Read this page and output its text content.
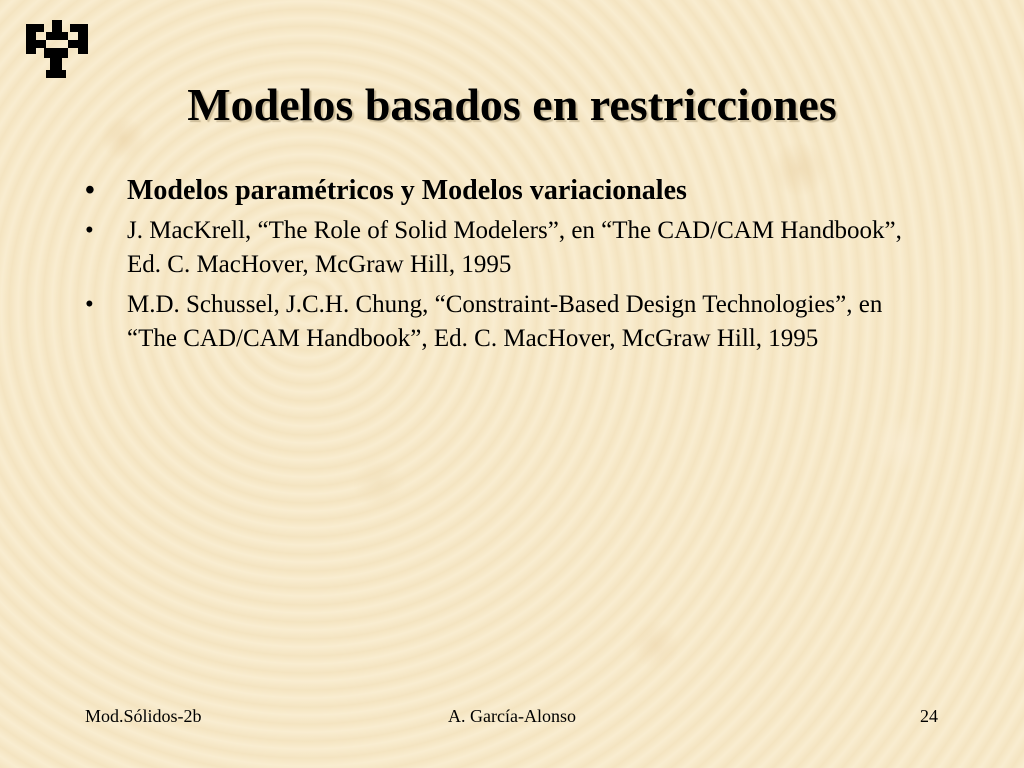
Modelos basados en restricciones
• Modelos paramétricos y Modelos variacionales
• J. MacKrell, “The Role of Solid Modelers”, en “The CAD/CAM Handbook”, Ed. C. MacHover, McGraw Hill, 1995
• M.D. Schussel, J.C.H. Chung, “Constraint-Based Design Technologies”, en “The CAD/CAM Handbook”, Ed. C. MacHover, McGraw Hill, 1995
Mod.Sólidos-2b	A. García-Alonso	24
